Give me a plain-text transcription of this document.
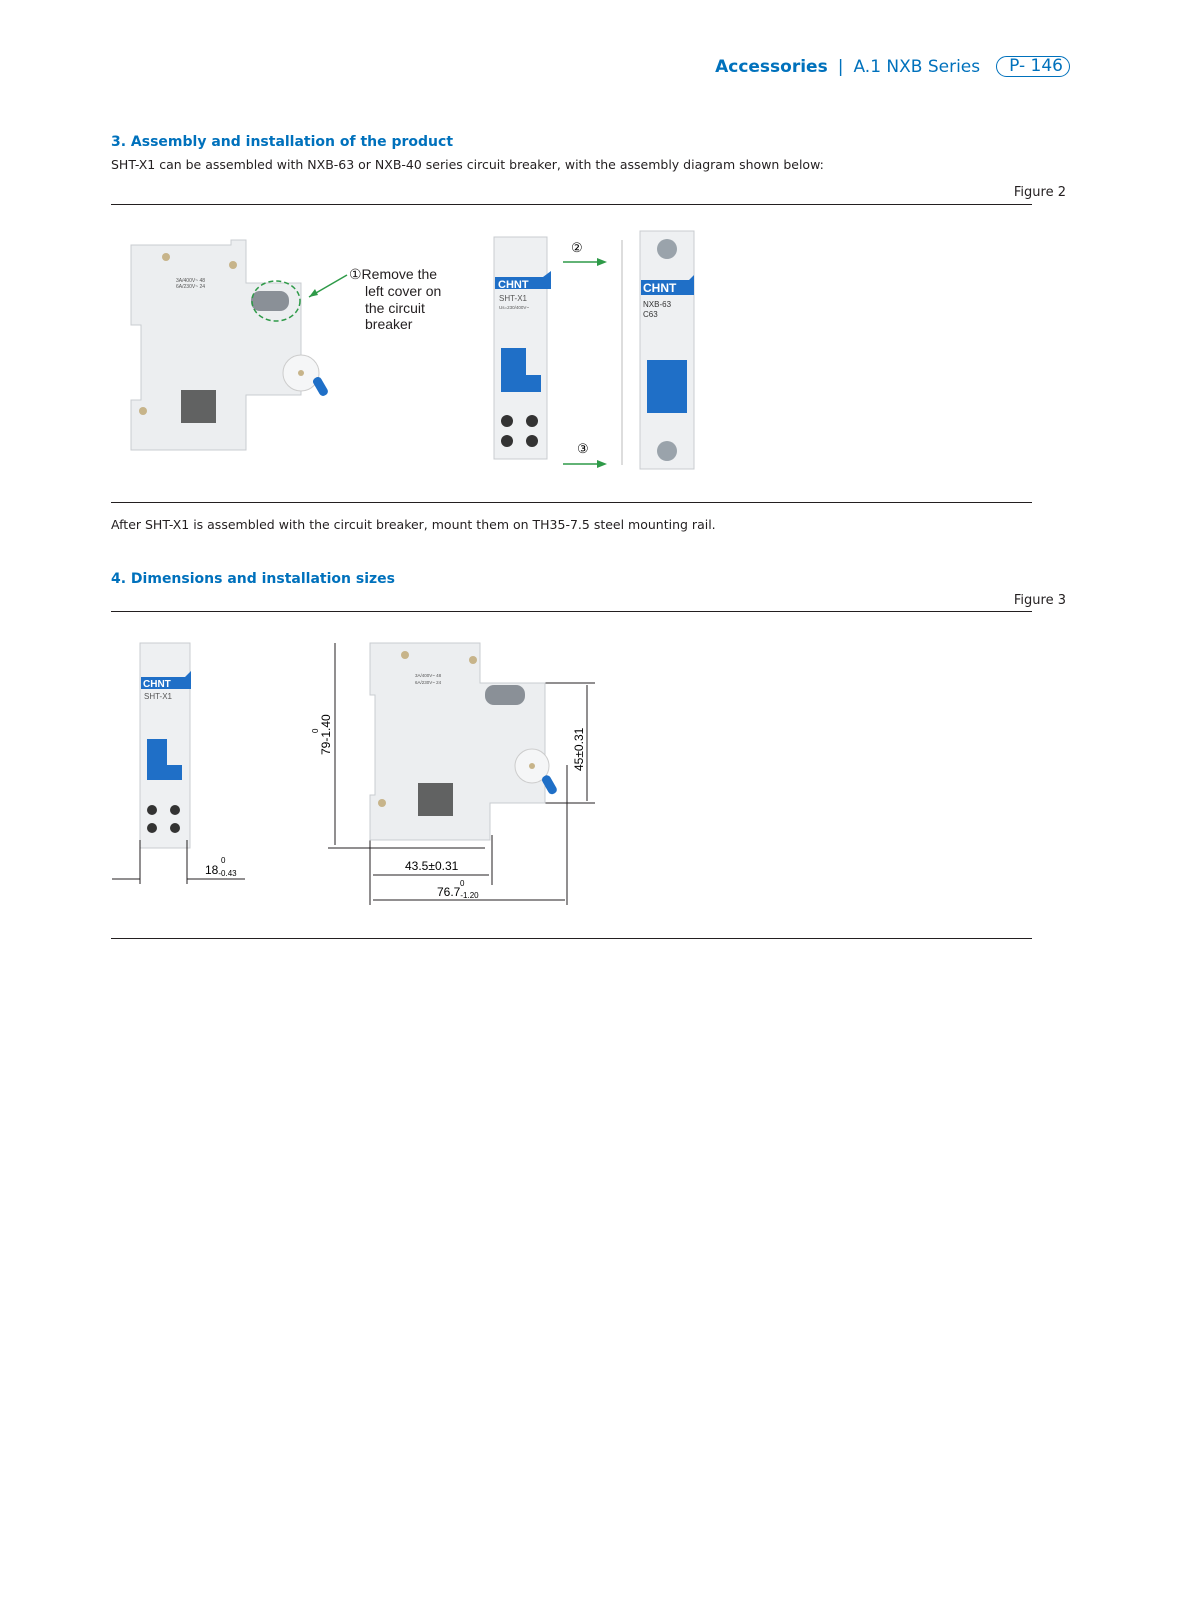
Accessories | A.1 NXB Series	P- 146
3. Assembly and installation of the product
SHT-X1 can be assembled with NXB-63 or NXB-40 series circuit breaker, with the assembly diagram shown below:
Figure 2
3A/400V~ 48
6A/230V~ 24
①Remove the left cover on the circuit breaker
CHNT
SHT-X1
Us=230/400V~
②
③
CHNT
NXB-63
C63
After SHT-X1 is assembled with the circuit breaker, mount them on TH35-7.5 steel mounting rail.
4. Dimensions and installation sizes
Figure 3
CHNT
SHT-X1
3A/400V~ 48
6A/230V~ 24
18-0.43
0
79-1.40
0	45±0.31
43.5±0.31
76.7-1.20
0
